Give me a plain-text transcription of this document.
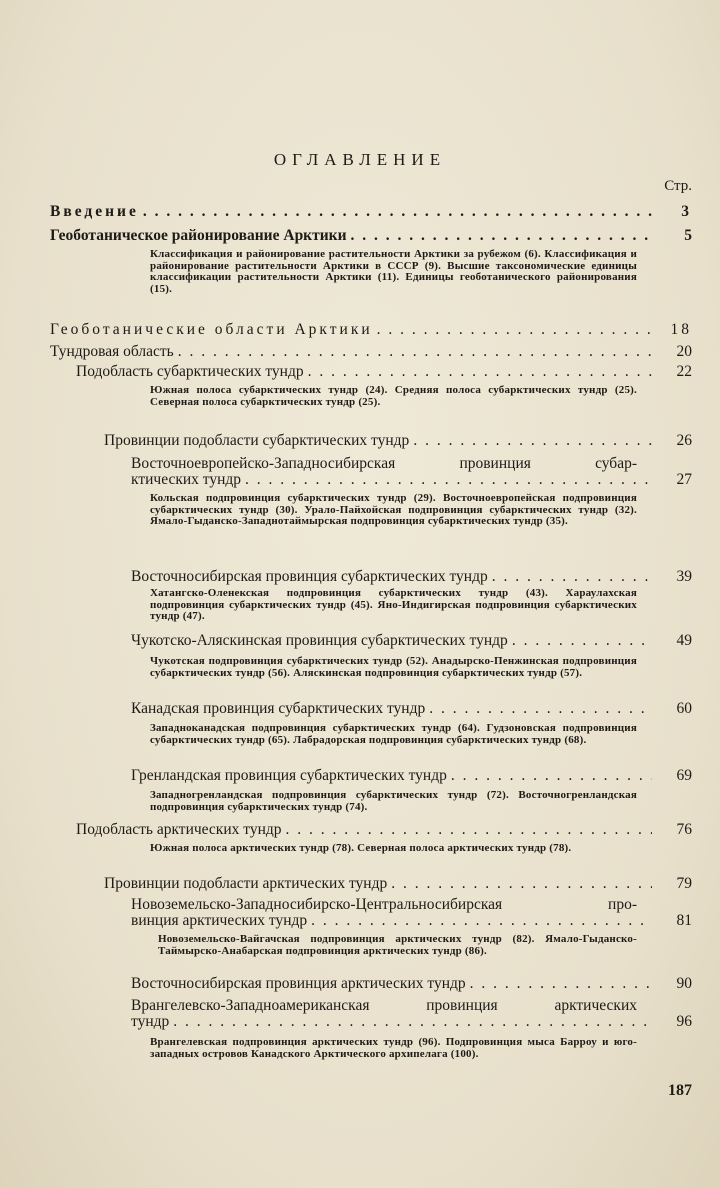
ОГЛАВЛЕНИЕ
Стр.
Введение . . .	3
Геоботаническое районирование Арктики . . .	5
Классификация и районирование растительности Арктики за рубежом (6). Классификация и районирование растительности Арктики в СССР (9). Высшие таксономические единицы классификации растительности Арктики (11). Единицы геоботанического районирования (15).
Геоботанические области Арктики . . .	18
Тундровая область . . .	20
Подобласть субарктических тундр . . .	22
Южная полоса субарктических тундр (24). Средняя полоса субарктических тундр (25). Северная полоса субарктических тундр (25).
Провинции подобласти субарктических тундр . . .	26
Восточноевропейско-Западносибирская провинция субар-
ктических тундр . . .	27
Кольская подпровинция субарктических тундр (29). Восточноевропейская подпровинция субарктических тундр (30). Урало-Пайхойская подпровинция субарктических тундр (32). Ямало-Гыданско-Западнотаймырская подпровинция субарктических тундр (35).
Восточносибирская провинция субарктических тундр . . .	39
Хатангско-Оленекская подпровинция субарктических тундр (43). Хараулахская подпровинция субарктических тундр (45). Яно-Индигирская подпровинция субарктических тундр (47).
Чукотско-Аляскинская провинция субарктических тундр . . .	49
Чукотская подпровинция субарктических тундр (52). Анадырско-Пенжинская подпровинция субарктических тундр (56). Аляскинская подпровинция субарктических тундр (57).
Канадская провинция субарктических тундр . . .	60
Западноканадская подпровинция субарктических тундр (64). Гудзоновская подпровинция субарктических тундр (65). Лабрадорская подпровинция субарктических тундр (68).
Гренландская провинция субарктических тундр . . .	69
Западногренландская подпровинция субарктических тундр (72). Восточногренландская подпровинция субарктических тундр (74).
Подобласть арктических тундр . . .	76
Южная полоса арктических тундр (78). Северная полоса арктических тундр (78).
Провинции подобласти арктических тундр . . .	79
Новоземельско-Западносибирско-Центральносибирская про-
винция арктических тундр . . .	81
Новоземельско-Вайгачская подпровинция арктических тундр (82). Ямало-Гыданско-Таймырско-Анабарская подпровинция арктических тундр (86).
Восточносибирская провинция арктических тундр . . .	90
Врангелевско-Западноамериканская провинция арктических
тундр . . .	96
Врангелевская подпровинция арктических тундр (96). Подпровинция мыса Барроу и юго-западных островов Канадского Арктического архипелага (100).
187
